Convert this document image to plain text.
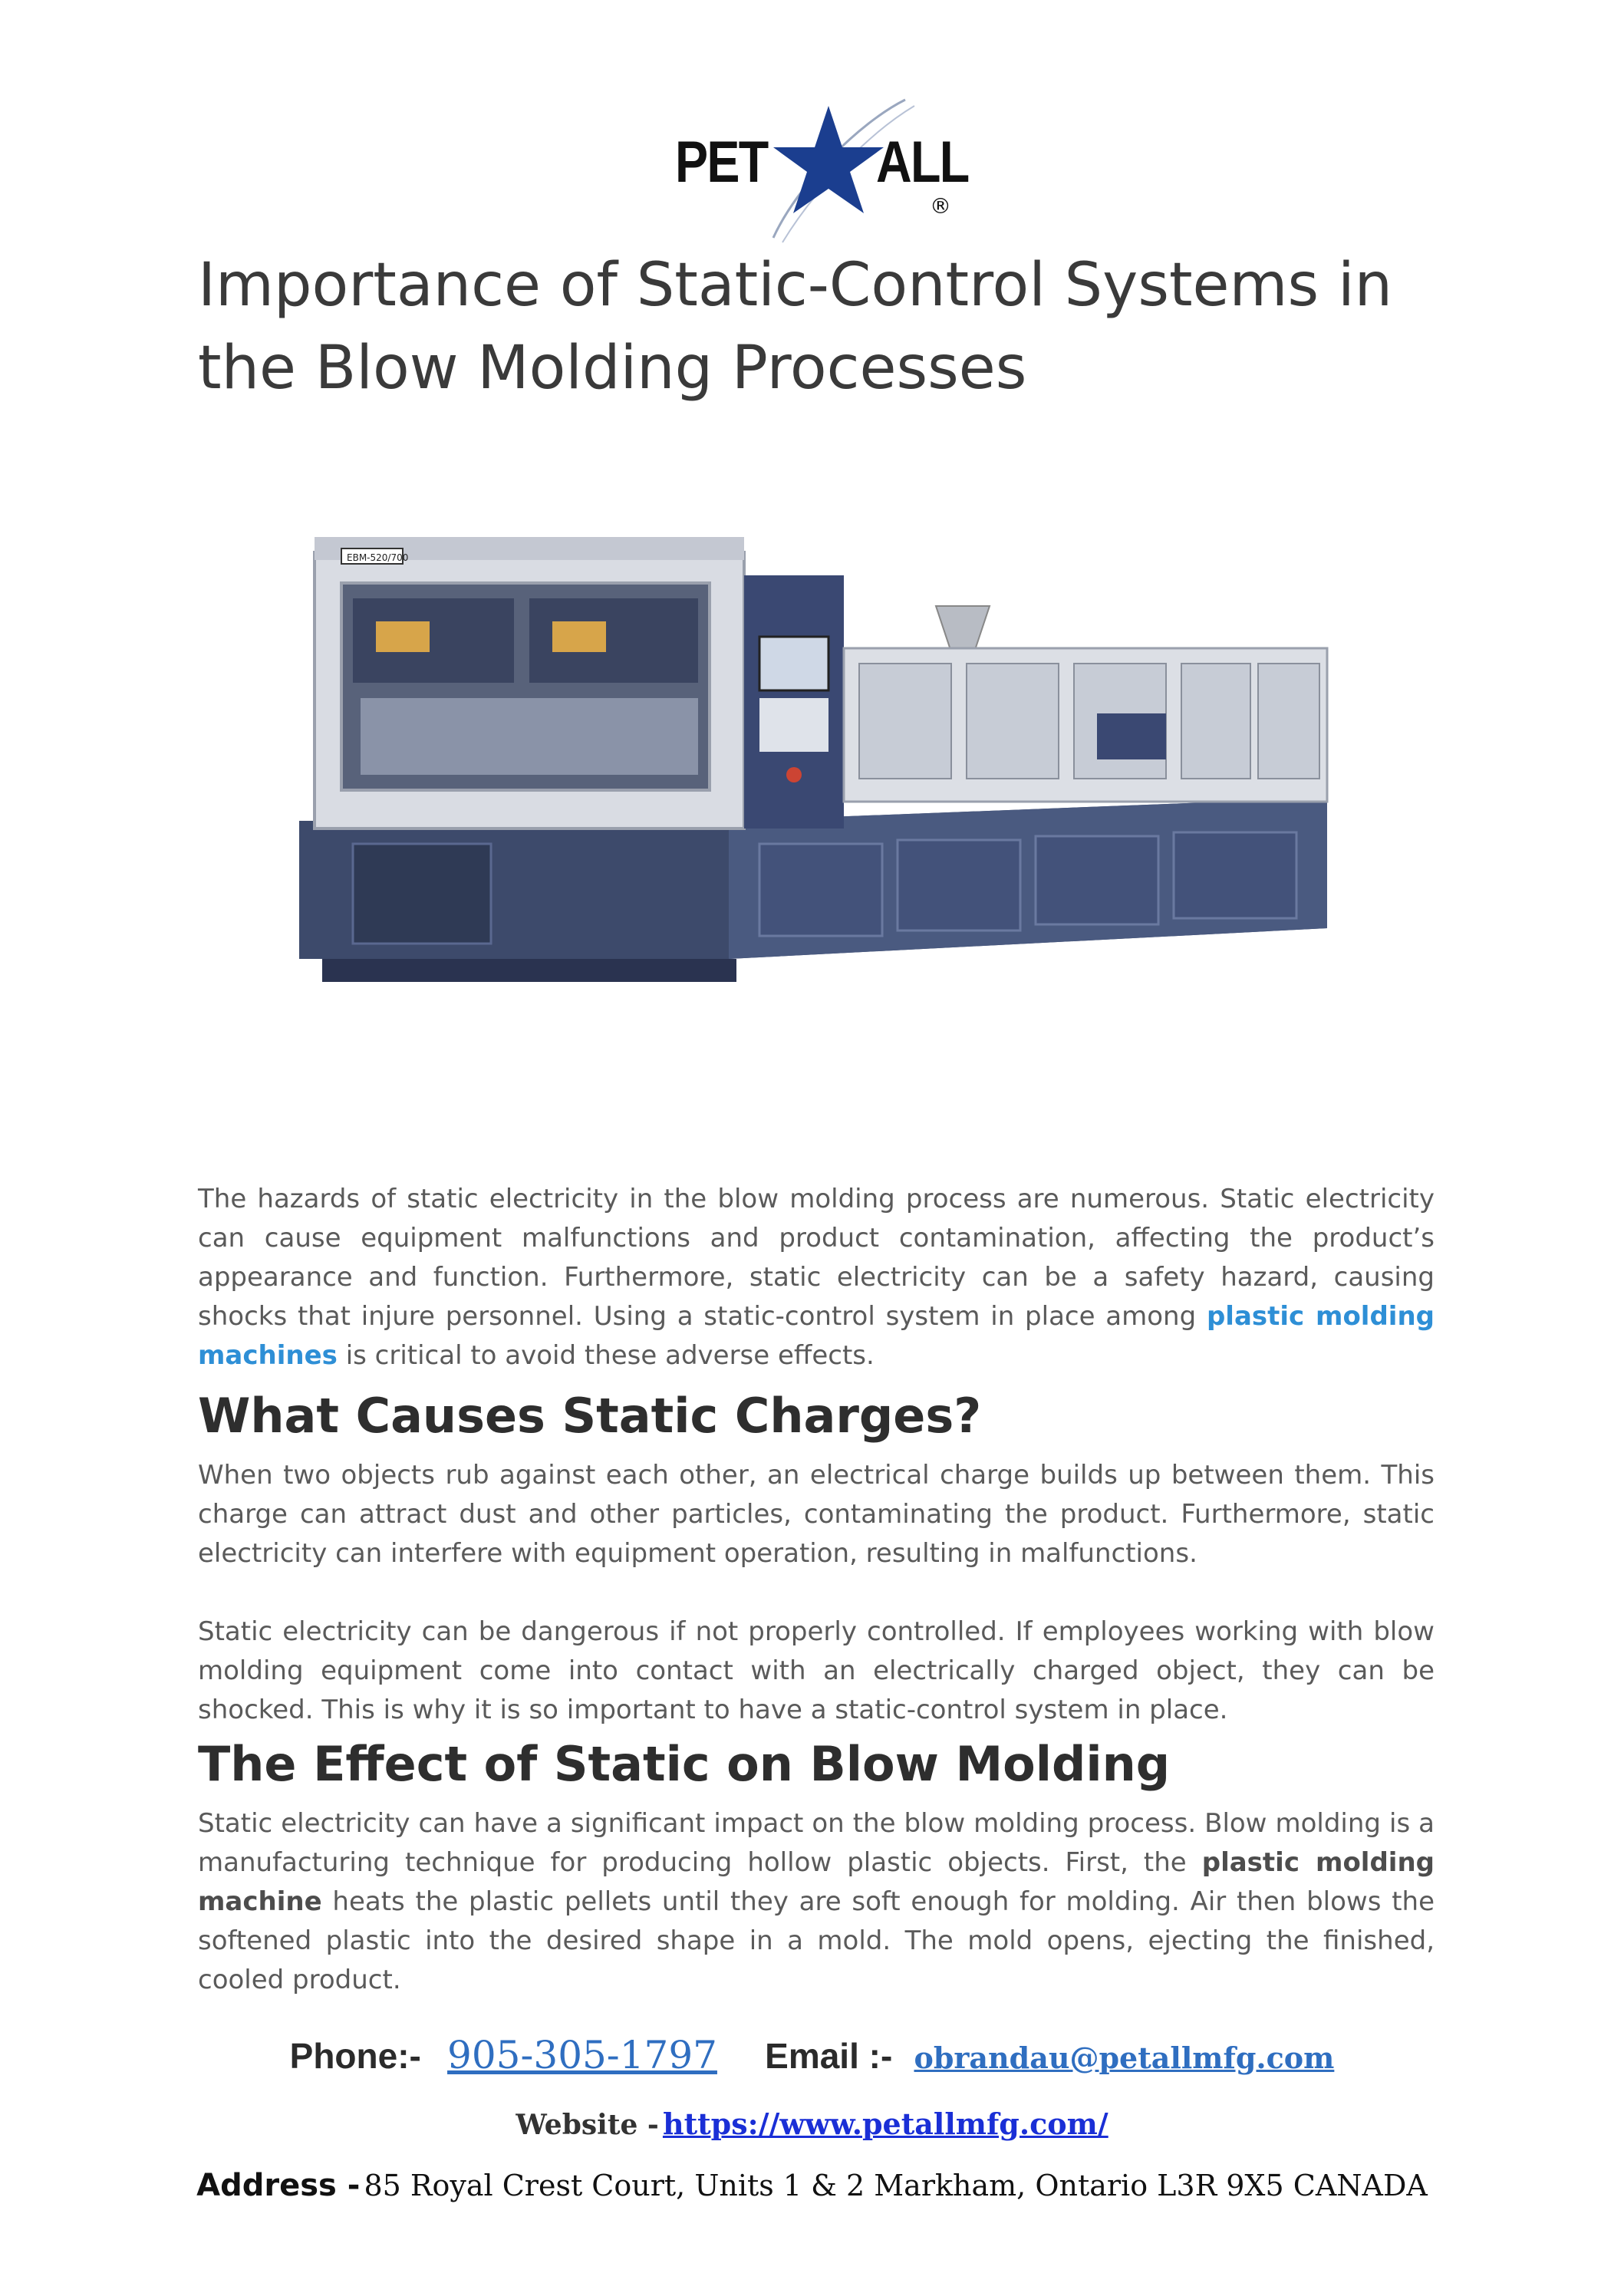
PET ALL
®
Importance of Static-Control Systems in the Blow Molding Processes
EBM-520/700

The hazards of static electricity in the blow molding process are numerous. Static electricity can cause equipment malfunctions and product contamination, affecting the product’s appearance and function. Furthermore, static electricity can be a safety hazard, causing shocks that injure personnel. Using a static-control system in place among plastic molding machines is critical to avoid these adverse effects.

What Causes Static Charges?

When two objects rub against each other, an electrical charge builds up between them. This charge can attract dust and other particles, contaminating the product. Furthermore, static electricity can interfere with equipment operation, resulting in malfunctions.

Static electricity can be dangerous if not properly controlled. If employees working with blow molding equipment come into contact with an electrically charged object, they can be shocked. This is why it is so important to have a static-control system in place.

The Effect of Static on Blow Molding

Static electricity can have a significant impact on the blow molding process. Blow molding is a manufacturing technique for producing hollow plastic objects. First, the plastic molding machine heats the plastic pellets until they are soft enough for molding. Air then blows the softened plastic into the desired shape in a mold. The mold opens, ejecting the finished, cooled product.

Phone:- 905-305-1797 Email :- obrandau@petallmfg.com
Website - https://www.petallmfg.com/
Address - 85 Royal Crest Court, Units 1 & 2 Markham, Ontario L3R 9X5 CANADA
